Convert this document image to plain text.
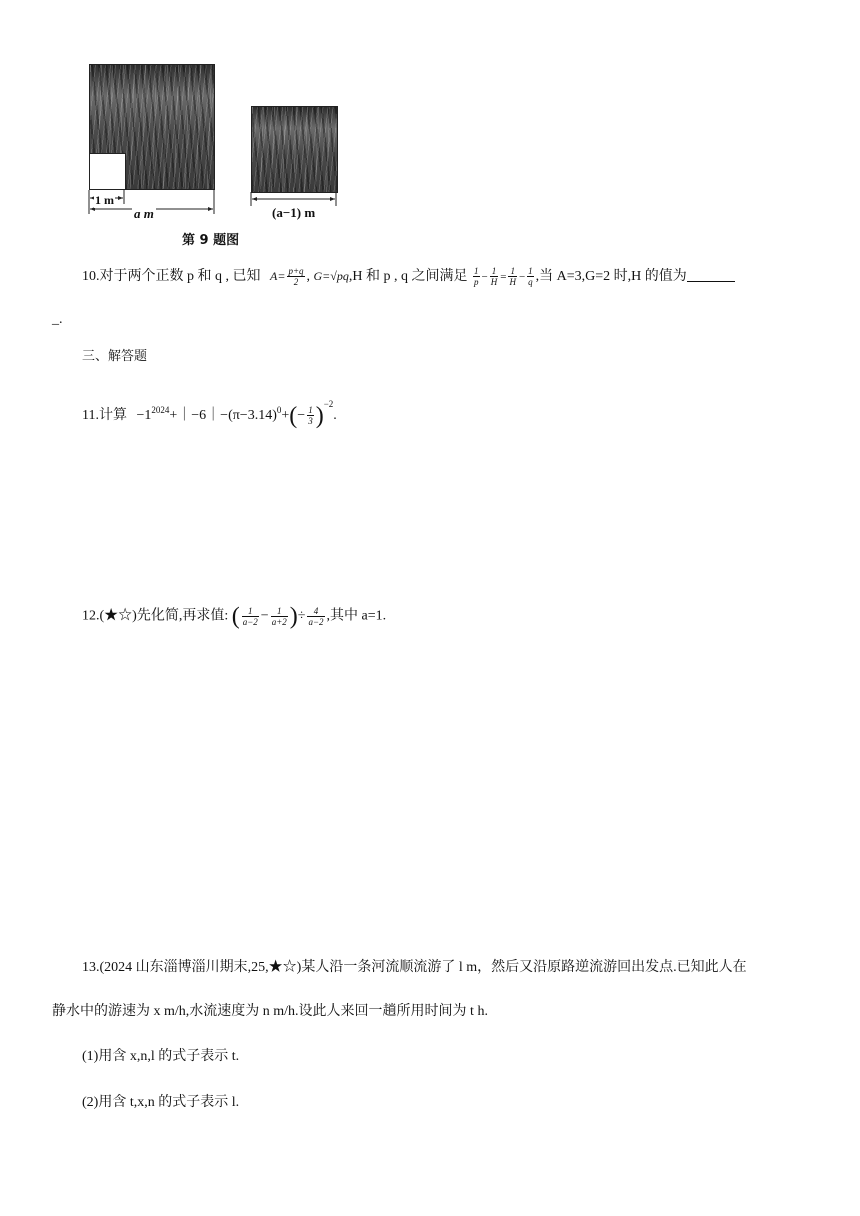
1 m
a m	(a−1) m
第 9 题图
10.对于两个正数 p 和 q , 已知 $A= \frac{p+q}{2}$ , G=√pq,H 和 p , q 之间满足 $\frac{1}{p} - \frac{1}{H} = \frac{1}{H} - \frac{1}{q}$ ,当 A=3,G=2 时,H 的值为
_.
三、解答题
11.计算 $-1^{2024}+|-6|-(\pi-3.14)^0+(- \frac{1}{3} )^{-2}$.
12.(★☆)先化简,再求值: ( $\frac{1}{a-2} - \frac{1}{a+2}$ )÷ $\frac{4}{a-2}$ ,其中 a=1.
13.(2024 山东淄博淄川期末,25,★☆)某人沿一条河流顺流游了 l m，然后又沿原路逆流游回出发点.已知此人在
静水中的游速为 x m/h,水流速度为 n m/h.设此人来回一趟所用时间为 t h.
(1)用含 x,n,l 的式子表示 t.
(2)用含 t,x,n 的式子表示 l.
